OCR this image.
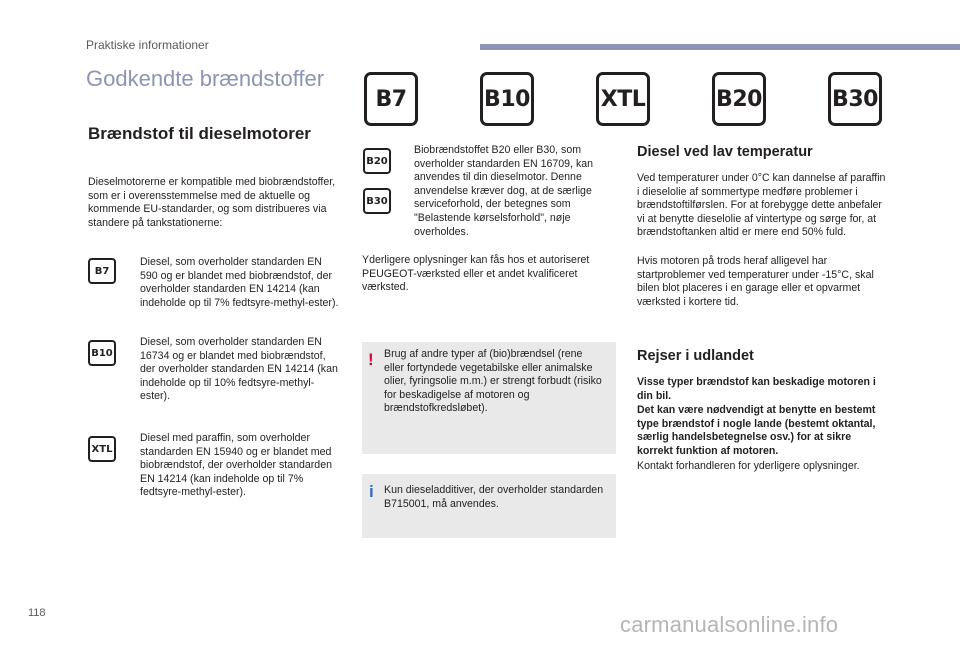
Praktiske informationer
Godkendte brændstoffer
B7	B10	XTL	B20	B30
Brændstof til dieselmotorer
Dieselmotorerne er kompatible med biobrændstoffer, som er i overensstemmelse med de aktuelle og kommende EU-standarder, og som distribueres via standere på tankstationerne:
B7
Diesel, som overholder standarden EN 590 og er blandet med biobrændstof, der overholder standarden EN 14214 (kan indeholde op til 7% fedtsyre-methyl-ester).
B10
Diesel, som overholder standarden EN 16734 og er blandet med biobrændstof, der overholder standarden EN 14214 (kan indeholde op til 10% fedtsyre-methyl-ester).
XTL
Diesel med paraffin, som overholder standarden EN 15940 og er blandet med biobrændstof, der overholder standarden EN 14214 (kan indeholde op til 7% fedtsyre-methyl-ester).
B20
B30
Biobrændstoffet B20 eller B30, som overholder standarden EN 16709, kan anvendes til din dieselmotor. Denne anvendelse kræver dog, at de særlige serviceforhold, der betegnes som "Belastende kørselsforhold", nøje overholdes.
Yderligere oplysninger kan fås hos et autoriseret PEUGEOT-værksted eller et andet kvalificeret værksted.
! Brug af andre typer af (bio)brændsel (rene eller fortyndede vegetabilske eller animalske olier, fyringsolie m.m.) er strengt forbudt (risiko for beskadigelse af motoren og brændstofkredsløbet).
i Kun dieseladditiver, der overholder standarden B715001, må anvendes.
Diesel ved lav temperatur
Ved temperaturer under 0°C kan dannelse af paraffin i dieselolie af sommertype medføre problemer i brændstoftilførslen. For at forebygge dette anbefaler vi at benytte dieselolie af vintertype og sørge for, at brændstoftanken altid er mere end 50% fuld.
Hvis motoren på trods heraf alligevel har startproblemer ved temperaturer under -15°C, skal bilen blot placeres i en garage eller et opvarmet værksted i kortere tid.
Rejser i udlandet
Visse typer brændstof kan beskadige motoren i din bil.
Det kan være nødvendigt at benytte en bestemt type brændstof i nogle lande (bestemt oktantal, særlig handelsbetegnelse osv.) for at sikre korrekt funktion af motoren.
Kontakt forhandleren for yderligere oplysninger.
118	carmanualsonline.info
